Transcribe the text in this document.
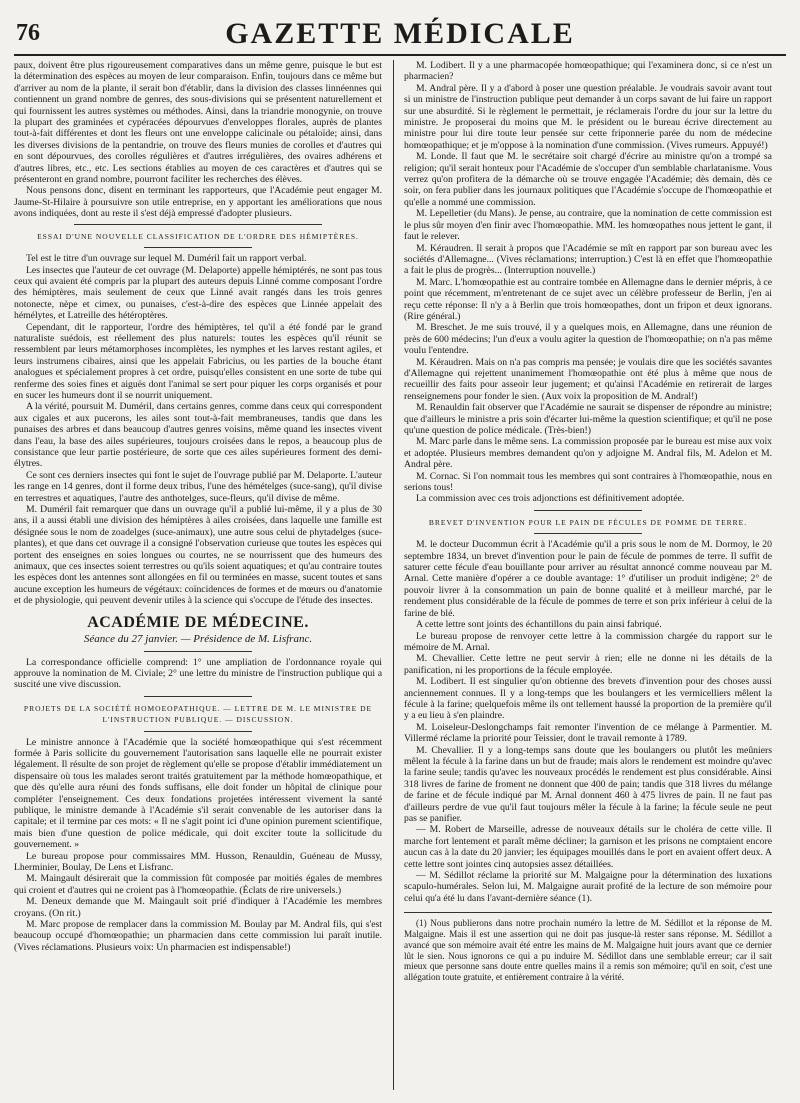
76	GAZETTE MÉDICALE

paux, doivent être plus rigoureusement comparatives dans un même genre, puisque le but est la détermination des espèces au moyen de leur comparaison. Enfin, toujours dans ce même but d'arriver au nom de la plante, il serait bon d'établir, dans la division des classes linnéennes qui contiennent un grand nombre de genres, des sous-divisions qui se présentent naturellement et qui fournissent les autres systèmes ou méthodes. Ainsi, dans la triandrie monogynie, on trouve la plupart des graminées et cypéracées dépourvues d'enveloppes florales, auprès de plantes tout-à-fait différentes et dont les fleurs ont une enveloppe calicinale ou pétaloïde; ainsi, dans les diverses divisions de la pentandrie, on trouve des fleurs munies de corolles et d'autres qui en sont dépourvues, des corolles régulières et d'autres irrégulières, des ovaires adhérens et d'autres libres, etc., etc. Les sections établies au moyen de ces caractères et d'autres qui se présenteront en grand nombre, pourront faciliter les recherches des élèves.

Nous pensons donc, disent en terminant les rapporteurs, que l'Académie peut engager M. Jaume-St-Hilaire à poursuivre son utile entreprise, en y apportant les améliorations que nous avons indiquées, dont au reste il s'est déjà empressé d'adopter plusieurs.

ESSAI D'UNE NOUVELLE CLASSIFICATION DE L'ORDRE DES HÉMIPTÈRES.

Tel est le titre d'un ouvrage sur lequel M. Duméril fait un rapport verbal.

Les insectes que l'auteur de cet ouvrage (M. Delaporte) appelle hémiptérés, ne sont pas tous ceux qui avaient été compris par la plupart des auteurs depuis Linné comme composant l'ordre des hémiptères, mais seulement de ceux que Linné avait rangés dans les trois genres notonecte, nèpe et cimex, ou punaises, c'est-à-dire des espèces que Linnée appelait des hémélytes, et Latreille des hétéroptères.

Cependant, dit le rapporteur, l'ordre des hémiptères, tel qu'il a été fondé par le grand naturaliste suédois, est réellement des plus naturels: toutes les espèces qu'il réunit se ressemblent par leurs métamorphoses incomplètes, les nymphes et les larves restant agiles, et leurs instrumens cibaires, ainsi que les appelait Fabricius, ou les parties de la bouche étant analogues et spécialement propres à cet ordre, puisqu'elles consistent en une sorte de tube qui renferme des soies fines et aiguës dont l'animal se sert pour piquer les corps organisés et pour en sucer les humeurs dont il se nourrit uniquement.

A la vérité, poursuit M. Duméril, dans certains genres, comme dans ceux qui correspondent aux cigales et aux pucerons, les ailes sont tout-à-fait membraneuses, tandis que dans les punaises des arbres et dans beaucoup d'autres genres voisins, même quand les insectes vivent dans l'eau, la base des ailes supérieures, toujours croisées dans le repos, a beaucoup plus de consistance que leur partie postérieure, de sorte que ces ailes supérieures forment des demi-élytres.

Ce sont ces derniers insectes qui font le sujet de l'ouvrage publié par M. Delaporte. L'auteur les range en 14 genres, dont il forme deux tribus, l'une des hémételges (suce-sang), qu'il divise en terrestres et aquatiques, l'autre des anthotelges, suce-fleurs, qu'il divise de même.

M. Duméril fait remarquer que dans un ouvrage qu'il a publié lui-même, il y a plus de 30 ans, il a aussi établi une division des hémiptères à ailes croisées, dans laquelle une famille est désignée sous le nom de zoadelges (suce-animaux), une autre sous celui de phytadelges (suce-plantes), et que dans cet ouvrage il a consigné l'observation curieuse que toutes les espèces qui portent des enseignes en soies longues ou courtes, ne se nourrissent que des humeurs des animaux, que ces insectes soient terrestres ou qu'ils soient aquatiques; et qu'au contraire toutes les espèces dont les antennes sont allongées en fil ou terminées en masse, sucent toutes et sans aucune exception les humeurs de végétaux: coïncidences de formes et de mœurs ou d'anatomie et de physiologie, qui peuvent devenir utiles à la science qui s'occupe de l'étude des insectes.

ACADÉMIE DE MÉDECINE.
Séance du 27 janvier. — Présidence de M. Lisfranc.

La correspondance officielle comprend: 1° une ampliation de l'ordonnance royale qui approuve la nomination de M. Civiale; 2° une lettre du ministre de l'instruction publique qui a suscité une vive discussion.

PROJETS DE LA SOCIÉTÉ HOMOEOPATHIQUE. — LETTRE DE M. LE MINISTRE DE L'INSTRUCTION PUBLIQUE. — DISCUSSION.

Le ministre annonce à l'Académie que la société homœopathique qui s'est récemment formée à Paris sollicite du gouvernement l'autorisation sans laquelle elle ne pourrait exister légalement. Il résulte de son projet de règlement qu'elle se propose d'établir immédiatement un dispensaire où tous les malades seront traités gratuitement par la méthode homœopathique, et que dès qu'elle aura réuni des fonds suffisans, elle doit fonder un hôpital de clinique pour compléter l'enseignement. Ces deux fondations projetées intéressent vivement la santé publique, le ministre demande à l'Académie s'il serait convenable de les autoriser dans la capitale; et il termine par ces mots: « Il ne s'agit point ici d'une opinion purement scientifique, mais bien d'une question de police médicale, qui doit exciter toute la sollicitude du gouvernement. »

Le bureau propose pour commissaires MM. Husson, Renauldin, Guéneau de Mussy, Lherminier, Boulay, De Lens et Lisfranc.

M. Maingault désirerait que la commission fût composée par moitiés égales de membres qui croient et d'autres qui ne croient pas à l'homœopathie. (Éclats de rire universels.)

M. Deneux demande que M. Maingault soit prié d'indiquer à l'Académie les membres croyans. (On rit.)

M. Marc propose de remplacer dans la commission M. Boulay par M. Andral fils, qui s'est beaucoup occupé d'homœopathie; un pharmacien dans cette commission lui paraît inutile. (Vives réclamations. Plusieurs voix: Un pharmacien est indispensable!)

M. Lodibert. Il y a une pharmacopée homœopathique; qui l'examinera donc, si ce n'est un pharmacien?

M. Andral père. Il y a d'abord à poser une question préalable. Je voudrais savoir avant tout si un ministre de l'instruction publique peut demander à un corps savant de lui faire un rapport sur une absurdité. Si le règlement le permettait, je réclamerais l'ordre du jour sur la lettre du ministre. Je proposerai du moins que M. le président ou le bureau écrive directement au ministre pour lui dire toute leur pensée sur cette friponnerie parée du nom de médecine homœopathique; et je m'oppose à la nomination d'une commission. (Vives rumeurs. Appuyé!)

M. Londe. Il faut que M. le secrétaire soit chargé d'écrire au ministre qu'on a trompé sa religion; qu'il serait honteux pour l'Académie de s'occuper d'un semblable charlatanisme. Vous verrez qu'on profitera de la démarche où se trouve engagée l'Académie; dès demain, dès ce soir, on fera publier dans les journaux politiques que l'Académie s'occupe de l'homœopathie et qu'elle a nommé une commission.

M. Lepelletier (du Mans). Je pense, au contraire, que la nomination de cette commission est le plus sûr moyen d'en finir avec l'homœopathie. MM. les homœopathes nous jettent le gant, il faut le relever.

M. Kéraudren. Il serait à propos que l'Académie se mît en rapport par son bureau avec les sociétés d'Allemagne... (Vives réclamations; interruption.) C'est là en effet que l'homœopathie a fait le plus de progrès... (Interruption nouvelle.)

M. Marc. L'homœopathie est au contraire tombée en Allemagne dans le dernier mépris, à ce point que récemment, m'entretenant de ce sujet avec un célèbre professeur de Berlin, j'en ai reçu cette réponse: Il n'y a à Berlin que trois homœopathes, dont un fripon et deux ignorans. (Rire général.)

M. Breschet. Je me suis trouvé, il y a quelques mois, en Allemagne, dans une réunion de près de 600 médecins; l'un d'eux a voulu agiter la question de l'homœopathie; on n'a pas même voulu l'entendre.

M. Kéraudren. Mais on n'a pas compris ma pensée; je voulais dire que les sociétés savantes d'Allemagne qui rejettent unanimement l'homœopathie ont été plus à même que nous de recueillir des faits pour asseoir leur jugement; et qu'ainsi l'Académie en retirerait de larges renseignemens pour fonder le sien. (Aux voix la proposition de M. Andral!)

M. Renauldin fait observer que l'Académie ne saurait se dispenser de répondre au ministre; que d'ailleurs le ministre a pris soin d'écarter lui-même la question scientifique; et qu'il ne pose qu'une question de police médicale. (Très-bien!)

M. Marc parle dans le même sens. La commission proposée par le bureau est mise aux voix et adoptée. Plusieurs membres demandent qu'on y adjoigne M. Andral fils, M. Adelon et M. Andral père.

M. Cornac. Si l'on nommait tous les membres qui sont contraires à l'homœopathie, nous en serions tous!

La commission avec ces trois adjonctions est définitivement adoptée.

BREVET D'INVENTION POUR LE PAIN DE FÉCULES DE POMME DE TERRE.

M. le docteur Ducommun écrit à l'Académie qu'il a pris sous le nom de M. Dormoy, le 20 septembre 1834, un brevet d'invention pour le pain de fécule de pommes de terre. Il suffit de saturer cette fécule d'eau bouillante pour arriver au résultat annoncé comme nouveau par M. Arnal. Cette manière d'opérer a ce double avantage: 1° d'utiliser un produit indigène; 2° de pouvoir livrer à la consommation un pain de bonne qualité et à meilleur marché, par le rendement plus considérable de la fécule de pommes de terre et son prix inférieur à celui de la farine de blé.

A cette lettre sont joints des échantillons du pain ainsi fabriqué.

Le bureau propose de renvoyer cette lettre à la commission chargée du rapport sur le mémoire de M. Arnal.

M. Chevallier. Cette lettre ne peut servir à rien; elle ne donne ni les détails de la panification, ni les proportions de la fécule employée.

M. Lodibert. Il est singulier qu'on obtienne des brevets d'invention pour des choses aussi anciennement connues. Il y a long-temps que les boulangers et les vermicelliers mêlent la fécule à la farine; quelquefois même ils ont tellement haussé la proportion de la première qu'il y a eu lieu à s'en plaindre.

M. Loiseleur-Deslongchamps fait remonter l'invention de ce mélange à Parmentier. M. Villermé réclame la priorité pour Teissier, dont le travail remonte à 1789.

M. Chevallier. Il y a long-temps sans doute que les boulangers ou plutôt les meûniers mêlent la fécule à la farine dans un but de fraude; mais alors le rendement est moindre qu'avec la farine seule; tandis qu'avec les nouveaux procédés le rendement est plus considérable. Ainsi 318 livres de farine de froment ne donnent que 400 de pain; tandis que 318 livres du mélange de farine et de fécule indiqué par M. Arnal donnent 460 à 475 livres de pain. Il ne faut pas d'ailleurs perdre de vue qu'il faut toujours mêler la fécule à la farine; la fécule seule ne peut pas se panifier.

— M. Robert de Marseille, adresse de nouveaux détails sur le choléra de cette ville. Il marche fort lentement et paraît même décliner; la garnison et les prisons ne comptaient encore aucun cas à la date du 20 janvier; les équipages mouillés dans le port en avaient offert deux. A cette lettre sont jointes cinq autopsies assez détaillées.

— M. Sédillot réclame la priorité sur M. Malgaigne pour la détermination des luxations scapulo-humérales. Selon lui, M. Malgaigne aurait profité de la lecture de son mémoire pour celui qu'a été lu dans l'avant-dernière séance (1).

(1) Nous publierons dans notre prochain numéro la lettre de M. Sédillot et la réponse de M. Malgaigne. Mais il est une assertion qui ne doit pas jusque-là rester sans réponse. M. Sédillot a avancé que son mémoire avait été entre les mains de M. Malgaigne huit jours avant que ce dernier lût le sien. Nous ignorons ce qui a pu induire M. Sédillot dans une semblable erreur; car il sait mieux que personne sans doute entre quelles mains il a remis son mémoire; qu'il en soit, c'est une allégation toute gratuite, et entièrement contraire à la vérité.
